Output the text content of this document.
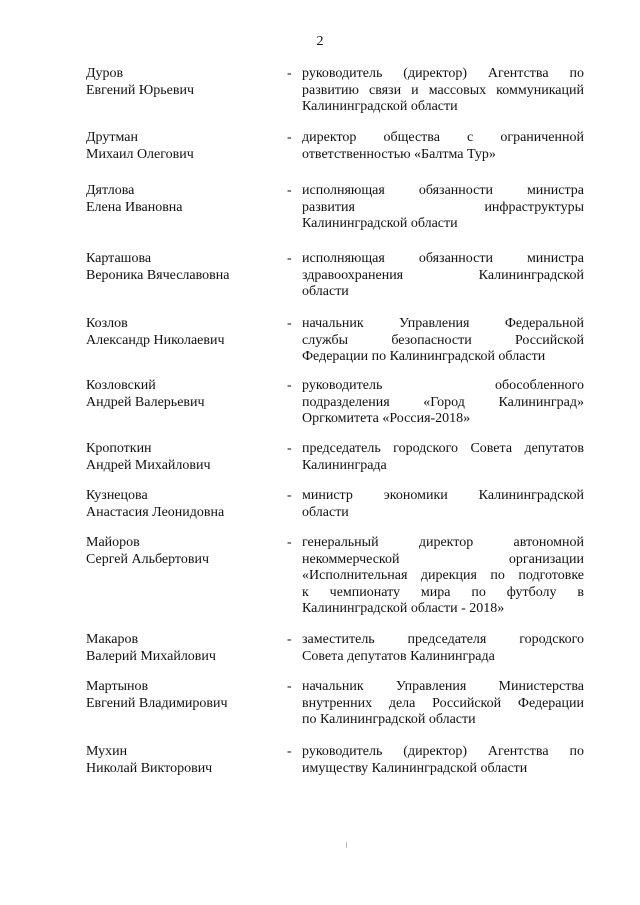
2
Дуров
Евгений Юрьевич
- руководитель (директор) Агентства по
развитию связи и массовых коммуникаций
Калининградской области
Друтман
Михаил Олегович
- директор общества с ограниченной
ответственностью «Балтма Тур»
Дятлова
Елена Ивановна
- исполняющая обязанности министра
развития инфраструктуры
Калининградской области
Карташова
Вероника Вячеславовна
- исполняющая обязанности министра
здравоохранения Калининградской
области
Козлов
Александр Николаевич
- начальник Управления Федеральной
службы безопасности Российской
Федерации по Калининградской области
Козловский
Андрей Валерьевич
- руководитель обособленного
подразделения «Город Калининград»
Оргкомитета «Россия-2018»
Кропоткин
Андрей Михайлович
- председатель городского Совета депутатов
Калининграда
Кузнецова
Анастасия Леонидовна
- министр экономики Калининградской
области
Майоров
Сергей Альбертович
- генеральный директор автономной
некоммерческой организации
«Исполнительная дирекция по подготовке
к чемпионату мира по футболу в
Калининградской области - 2018»
Макаров
Валерий Михайлович
- заместитель председателя городского
Совета депутатов Калининграда
Мартынов
Евгений Владимирович
- начальник Управления Министерства
внутренних дела Российской Федерации
по Калининградской области
Мухин
Николай Викторович
- руководитель (директор) Агентства по
имуществу Калининградской области
